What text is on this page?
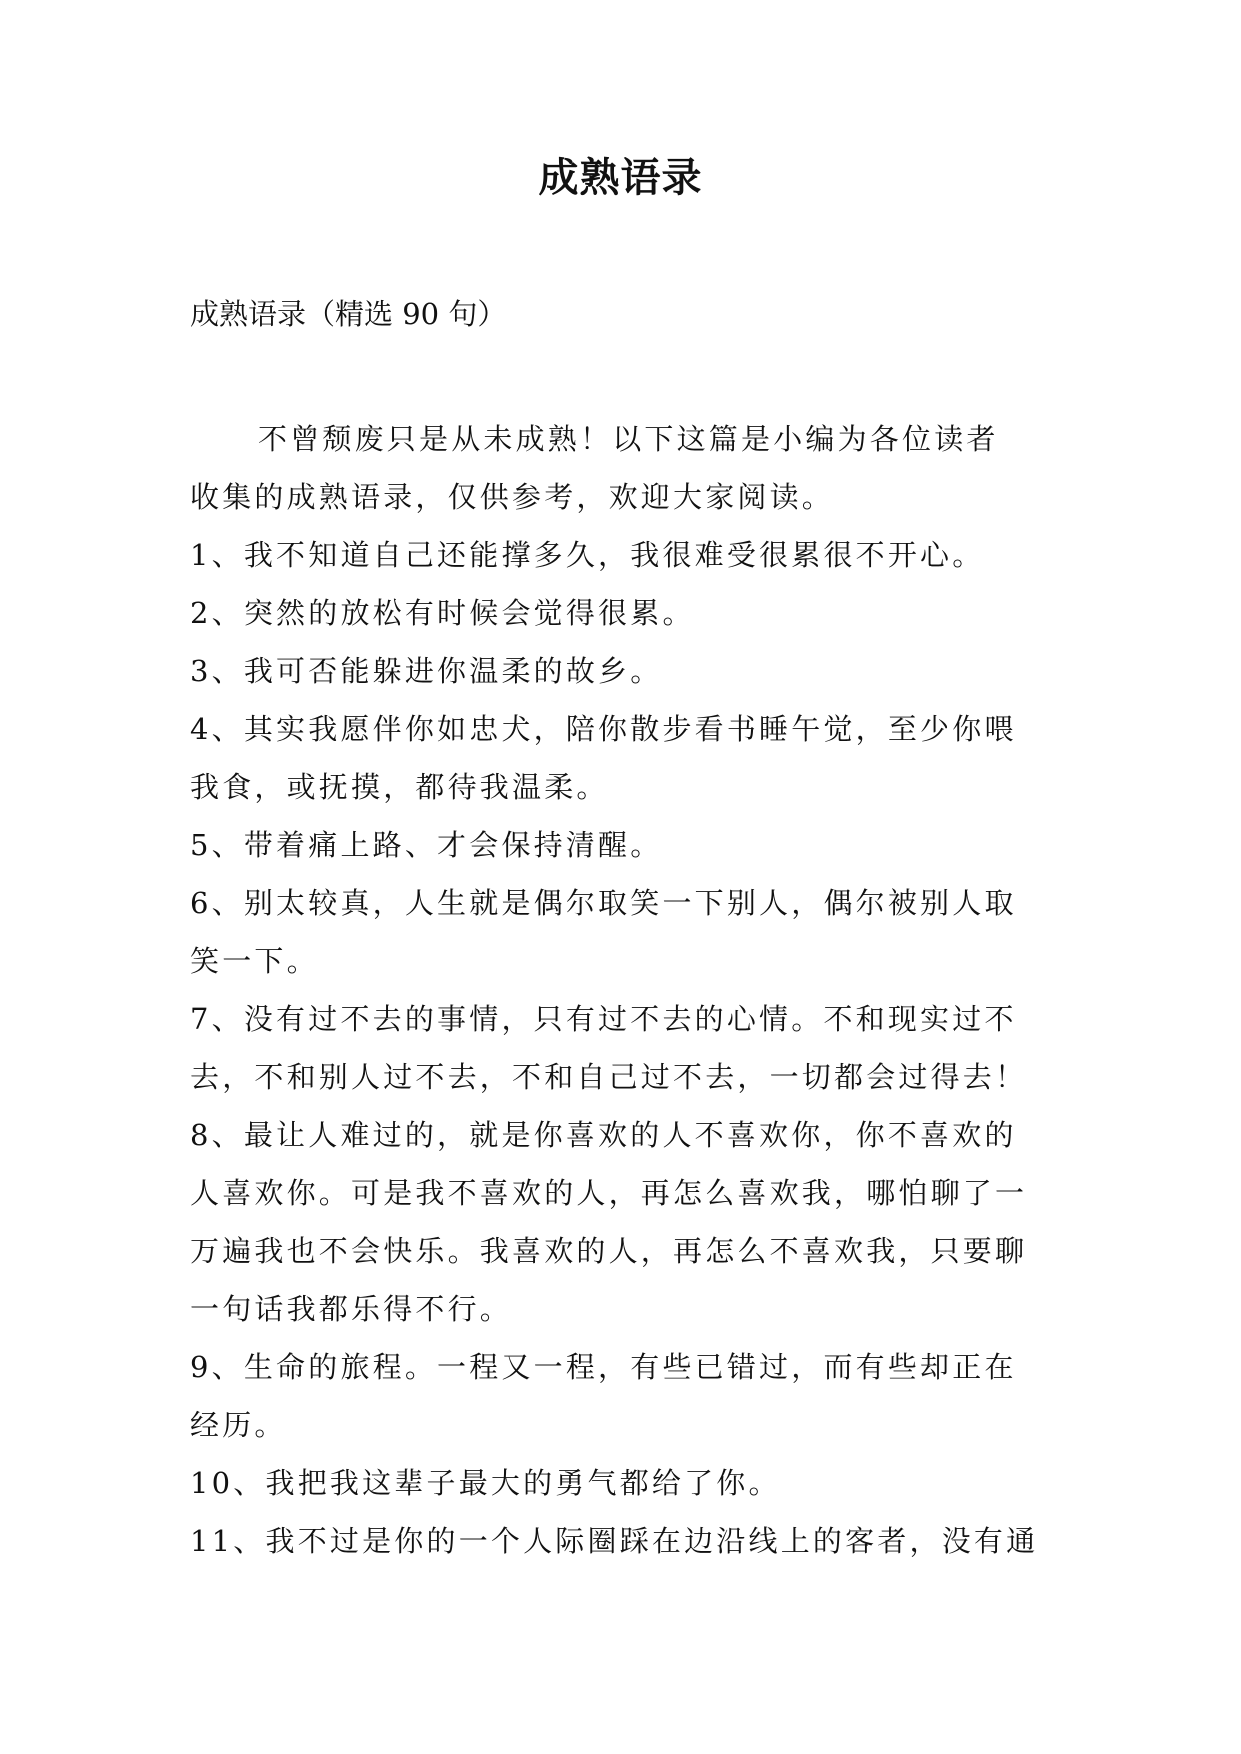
成熟语录
成熟语录（精选 90 句）
不曾颓废只是从未成熟！以下这篇是小编为各位读者
收集的成熟语录，仅供参考，欢迎大家阅读。
1、我不知道自己还能撑多久，我很难受很累很不开心。
2、突然的放松有时候会觉得很累。
3、我可否能躲进你温柔的故乡。
4、其实我愿伴你如忠犬，陪你散步看书睡午觉，至少你喂
我食，或抚摸，都待我温柔。
5、带着痛上路、才会保持清醒。
6、别太较真，人生就是偶尔取笑一下别人，偶尔被别人取
笑一下。
7、没有过不去的事情，只有过不去的心情。不和现实过不
去，不和别人过不去，不和自己过不去，一切都会过得去！
8、最让人难过的，就是你喜欢的人不喜欢你，你不喜欢的
人喜欢你。可是我不喜欢的人，再怎么喜欢我，哪怕聊了一
万遍我也不会快乐。我喜欢的人，再怎么不喜欢我，只要聊
一句话我都乐得不行。
9、生命的旅程。一程又一程，有些已错过，而有些却正在
经历。
10、我把我这辈子最大的勇气都给了你。
11、我不过是你的一个人际圈踩在边沿线上的客者，没有通
